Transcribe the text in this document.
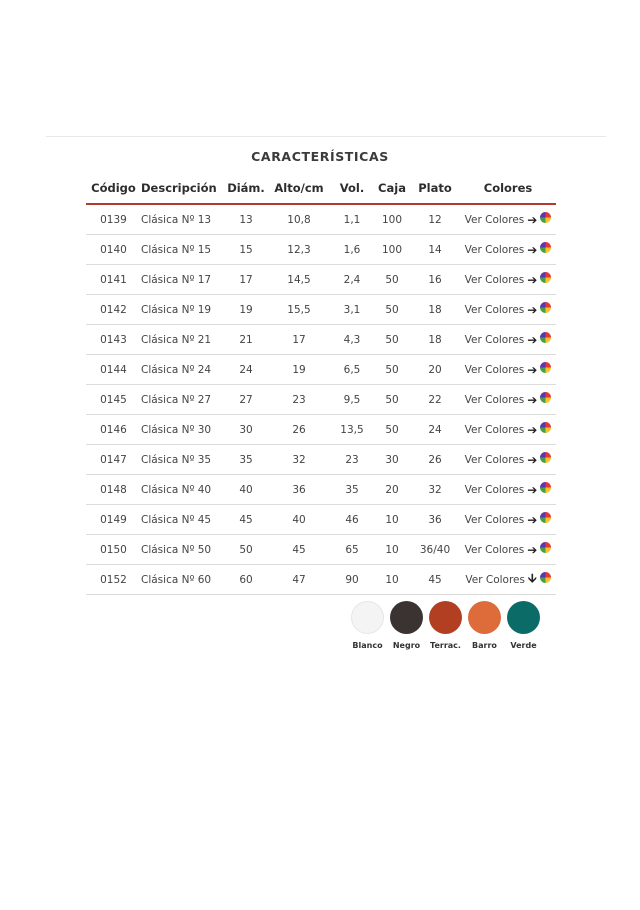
CARACTERÍSTICAS
Código	Descripción	Diám.	Alto/cm	Vol.	Caja	Plato	Colores
0139	Clásica Nº 13	13	10,8	1,1	100	12	Ver Colores ➔

0140	Clásica Nº 15	15	12,3	1,6	100	14	Ver Colores ➔

0141	Clásica Nº 17	17	14,5	2,4	50	16	Ver Colores ➔

0142	Clásica Nº 19	19	15,5	3,1	50	18	Ver Colores ➔

0143	Clásica Nº 21	21	17	4,3	50	18	Ver Colores ➔

0144	Clásica Nº 24	24	19	6,5	50	20	Ver Colores ➔

0145	Clásica Nº 27	27	23	9,5	50	22	Ver Colores ➔

0146	Clásica Nº 30	30	26	13,5	50	24	Ver Colores ➔

0147	Clásica Nº 35	35	32	23	30	26	Ver Colores ➔

0148	Clásica Nº 40	40	36	35	20	32	Ver Colores ➔

0149	Clásica Nº 45	45	40	46	10	36	Ver Colores ➔

0150	Clásica Nº 50	50	45	65	10	36/40	Ver Colores ➔

0152	Clásica Nº 60	60	47	90	10	45	Ver Colores 🡫
Blanco Negro Terrac. Barro Verde
